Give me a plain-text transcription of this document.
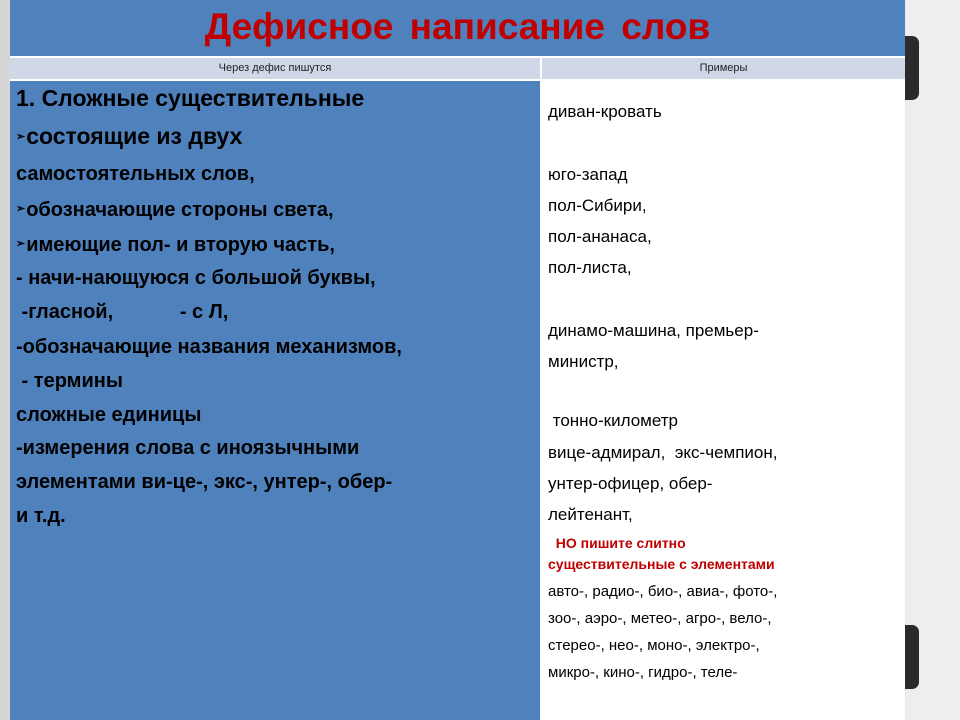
Дефисное написание слов
Через дефис пишутся	Примеры
1. Сложные существительные
➢состоящие из двух
самостоятельных слов,
➢обозначающие стороны света,
➢имеющие пол- и вторую часть,
- начи-нающуюся с большой буквы,
-гласной,            - с Л,
-обозначающие названия механизмов,
- термины
сложные единицы
-измерения слова с иноязычными
элементами ви-це-, экс-, унтер-, обер-
и т.д.
диван-кровать
юго-запад
пол-Сибири,
пол-ананаса,
пол-листа,
динамо-машина, премьер-
министр,
тонно-километр
вице-адмирал,  экс-чемпион,
унтер-офицер, обер-
лейтенант,
НО пишите слитно
существительные с элементами
авто-, радио-, био-, авиа-, фото-,
зоо-, аэро-, метео-, агро-, вело-,
стерео-, нео-, моно-, электро-,
микро-, кино-, гидро-, теле-
